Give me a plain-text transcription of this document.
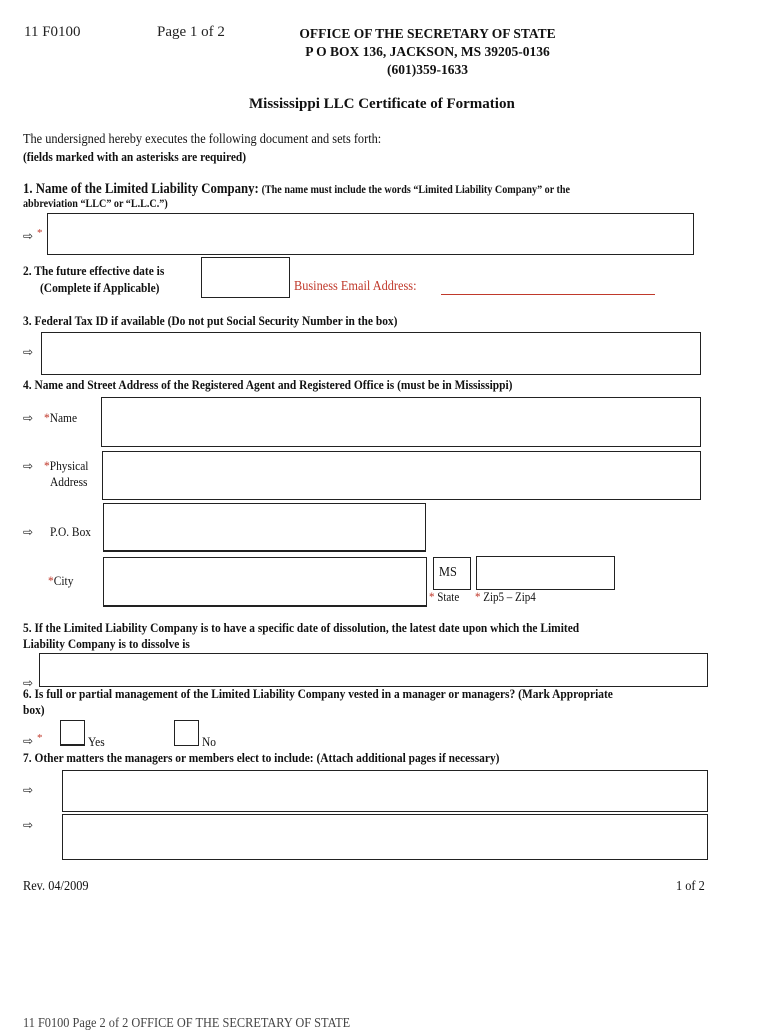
11 F0100	Page 1 of 2	OFFICE OF THE SECRETARY OF STATE
P O BOX 136, JACKSON, MS 39205-0136
(601)359-1633
Mississippi LLC Certificate of Formation
The undersigned hereby executes the following document and sets forth:
(fields marked with an asterisks are required)
1. Name of the Limited Liability Company: (The name must include the words “Limited Liability Company” or the
abbreviation “LLC” or “L.L.C.”)
⇨ *
2. The future effective date is
(Complete if Applicable)	Business Email Address:
3. Federal Tax ID if available (Do not put Social Security Number in the box)
⇨
4. Name and Street Address of the Registered Agent and Registered Office is (must be in Mississippi)
⇨ *Name
⇨ *Physical
Address
⇨ P.O. Box
*City
MS
* State * Zip5 – Zip4
5. If the Limited Liability Company is to have a specific date of dissolution, the latest date upon which the Limited
Liability Company is to dissolve is
⇨
6. Is full or partial management of the Limited Liability Company vested in a manager or managers? (Mark Appropriate
box)
⇨ *	Yes	No
7. Other matters the managers or members elect to include: (Attach additional pages if necessary)
⇨
⇨
Rev. 04/2009	1 of 2
11 F0100 Page 2 of 2 OFFICE OF THE SECRETARY OF STATE
